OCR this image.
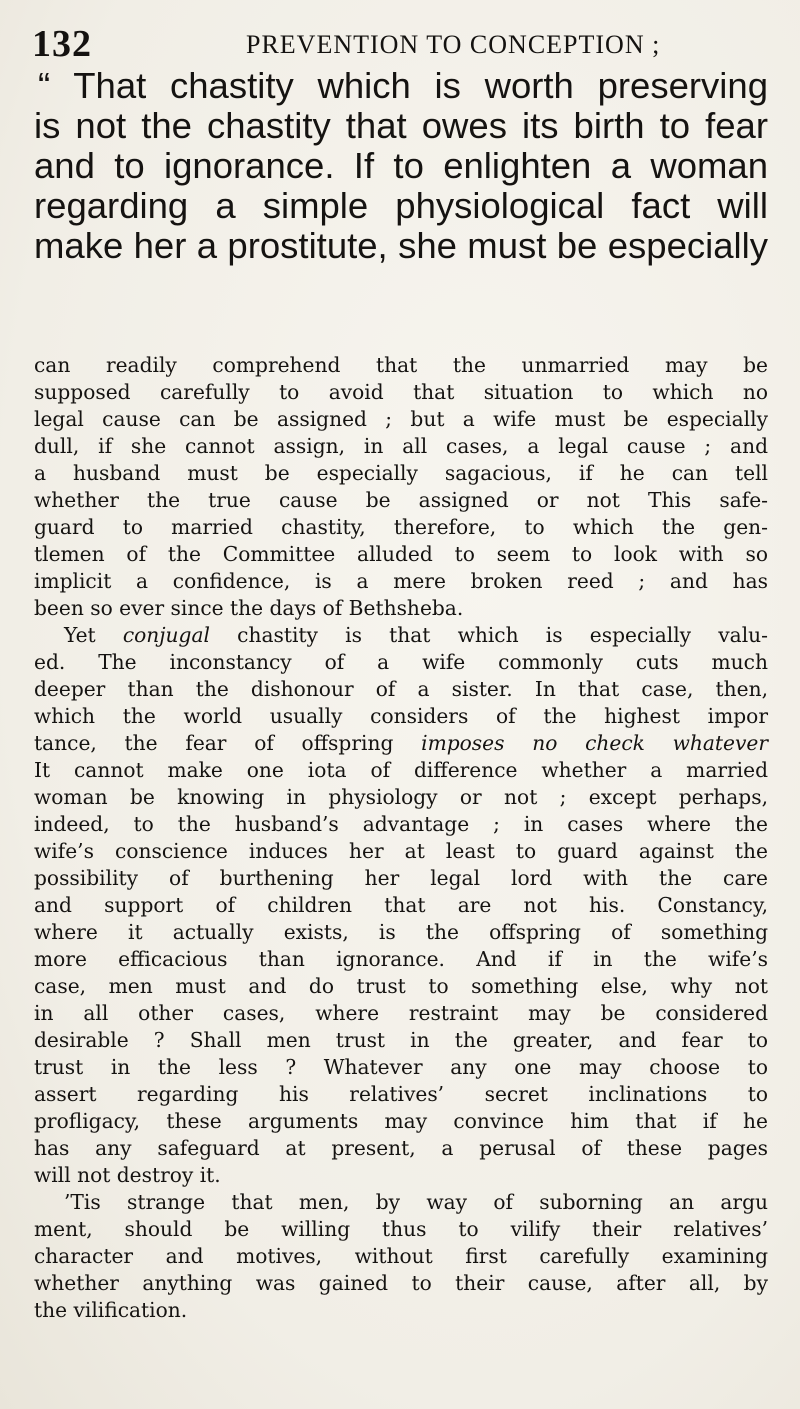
132	PREVENTION TO CONCEPTION ;
“ That chastity which is worth preserving
is not the chastity that owes its birth to fear
and to ignorance. If to enlighten a woman
regarding a simple physiological fact will
make her a prostitute, she must be especially
can readily comprehend that the unmarried may be
supposed carefully to avoid that situation to which no
legal cause can be assigned ; but a wife must be especially
dull, if she cannot assign, in all cases, a legal cause ; and
a husband must be especially sagacious, if he can tell
whether the true cause be assigned or not This safe-
guard to married chastity, therefore, to which the gen-
tlemen of the Committee alluded to seem to look with so
implicit a confidence, is a mere broken reed ; and has
been so ever since the days of Bethsheba.
Yet conjugal chastity is that which is especially valu-
ed. The inconstancy of a wife commonly cuts much
deeper than the dishonour of a sister. In that case, then,
which the world usually considers of the highest impor
tance, the fear of offspring imposes no check whatever
It cannot make one iota of difference whether a married
woman be knowing in physiology or not ; except perhaps,
indeed, to the husband’s advantage ; in cases where the
wife’s conscience induces her at least to guard against the
possibility of burthening her legal lord with the care
and support of children that are not his. Constancy,
where it actually exists, is the offspring of something
more efficacious than ignorance. And if in the wife’s
case, men must and do trust to something else, why not
in all other cases, where restraint may be considered
desirable ? Shall men trust in the greater, and fear to
trust in the less ? Whatever any one may choose to
assert regarding his relatives’ secret inclinations to
profligacy, these arguments may convince him that if he
has any safeguard at present, a perusal of these pages
will not destroy it.
’Tis strange that men, by way of suborning an argu
ment, should be willing thus to vilify their relatives’
character and motives, without first carefully examining
whether anything was gained to their cause, after all, by
the vilification.
